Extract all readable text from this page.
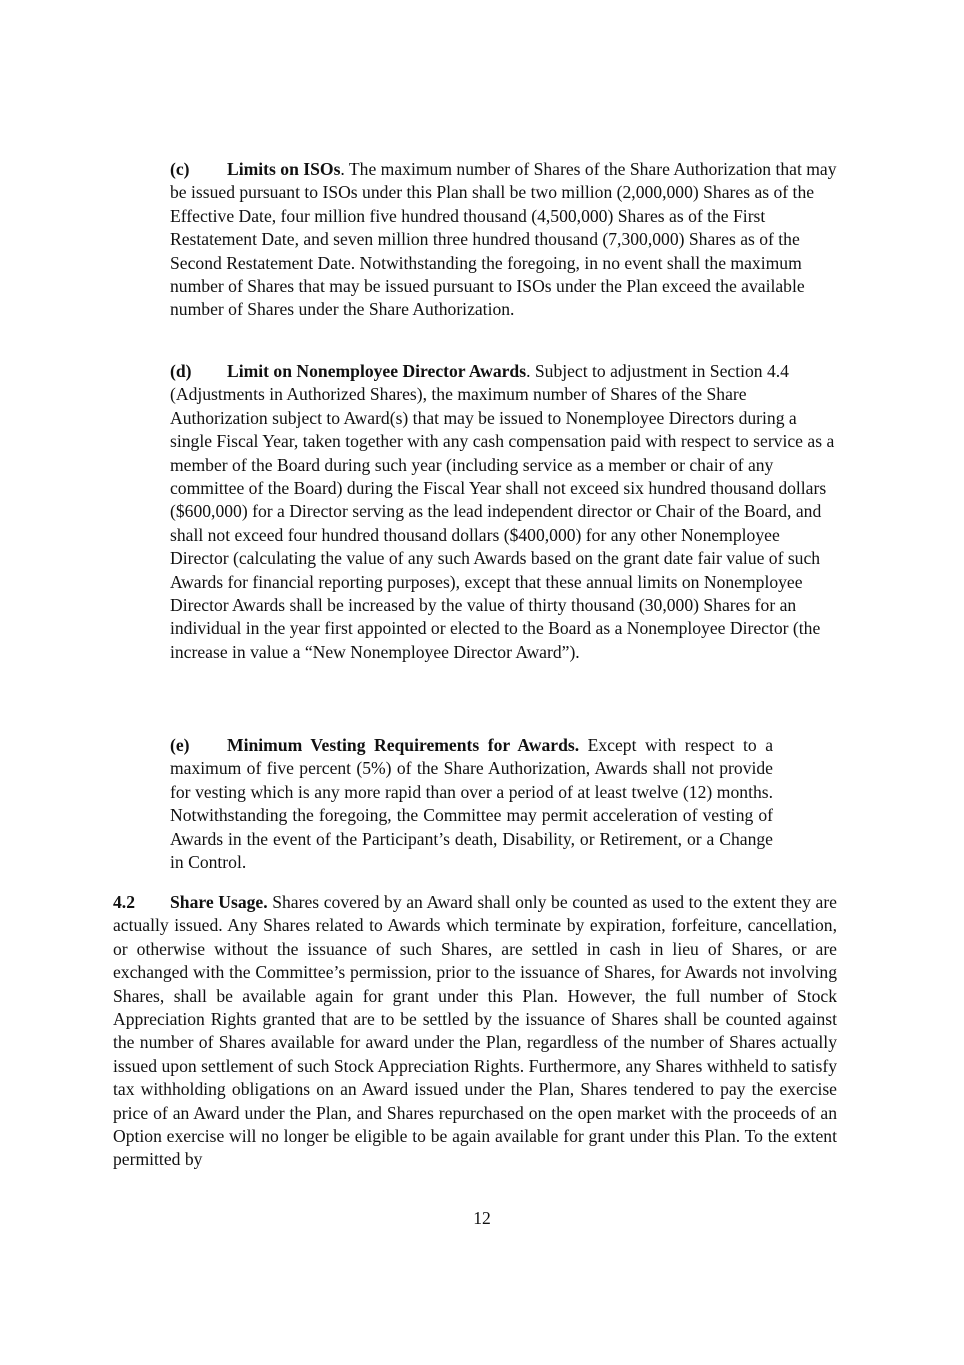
(c) Limits on ISOs. The maximum number of Shares of the Share Authorization that may be issued pursuant to ISOs under this Plan shall be two million (2,000,000) Shares as of the Effective Date, four million five hundred thousand (4,500,000) Shares as of the First Restatement Date, and seven million three hundred thousand (7,300,000) Shares as of the Second Restatement Date. Notwithstanding the foregoing, in no event shall the maximum number of Shares that may be issued pursuant to ISOs under the Plan exceed the available number of Shares under the Share Authorization.

(d) Limit on Nonemployee Director Awards. Subject to adjustment in Section 4.4 (Adjustments in Authorized Shares), the maximum number of Shares of the Share Authorization subject to Award(s) that may be issued to Nonemployee Directors during a single Fiscal Year, taken together with any cash compensation paid with respect to service as a member of the Board during such year (including service as a member or chair of any committee of the Board) during the Fiscal Year shall not exceed six hundred thousand dollars ($600,000) for a Director serving as the lead independent director or Chair of the Board, and shall not exceed four hundred thousand dollars ($400,000) for any other Nonemployee Director (calculating the value of any such Awards based on the grant date fair value of such Awards for financial reporting purposes), except that these annual limits on Nonemployee Director Awards shall be increased by the value of thirty thousand (30,000) Shares for an individual in the year first appointed or elected to the Board as a Nonemployee Director (the increase in value a “New Nonemployee Director Award”).

(e) Minimum Vesting Requirements for Awards. Except with respect to a maximum of five percent (5%) of the Share Authorization, Awards shall not provide for vesting which is any more rapid than over a period of at least twelve (12) months. Notwithstanding the foregoing, the Committee may permit acceleration of vesting of Awards in the event of the Participant’s death, Disability, or Retirement, or a Change in Control.

4.2 Share Usage. Shares covered by an Award shall only be counted as used to the extent they are actually issued. Any Shares related to Awards which terminate by expiration, forfeiture, cancellation, or otherwise without the issuance of such Shares, are settled in cash in lieu of Shares, or are exchanged with the Committee’s permission, prior to the issuance of Shares, for Awards not involving Shares, shall be available again for grant under this Plan. However, the full number of Stock Appreciation Rights granted that are to be settled by the issuance of Shares shall be counted against the number of Shares available for award under the Plan, regardless of the number of Shares actually issued upon settlement of such Stock Appreciation Rights. Furthermore, any Shares withheld to satisfy tax withholding obligations on an Award issued under the Plan, Shares tendered to pay the exercise price of an Award under the Plan, and Shares repurchased on the open market with the proceeds of an Option exercise will no longer be eligible to be again available for grant under this Plan. To the extent permitted by

12
